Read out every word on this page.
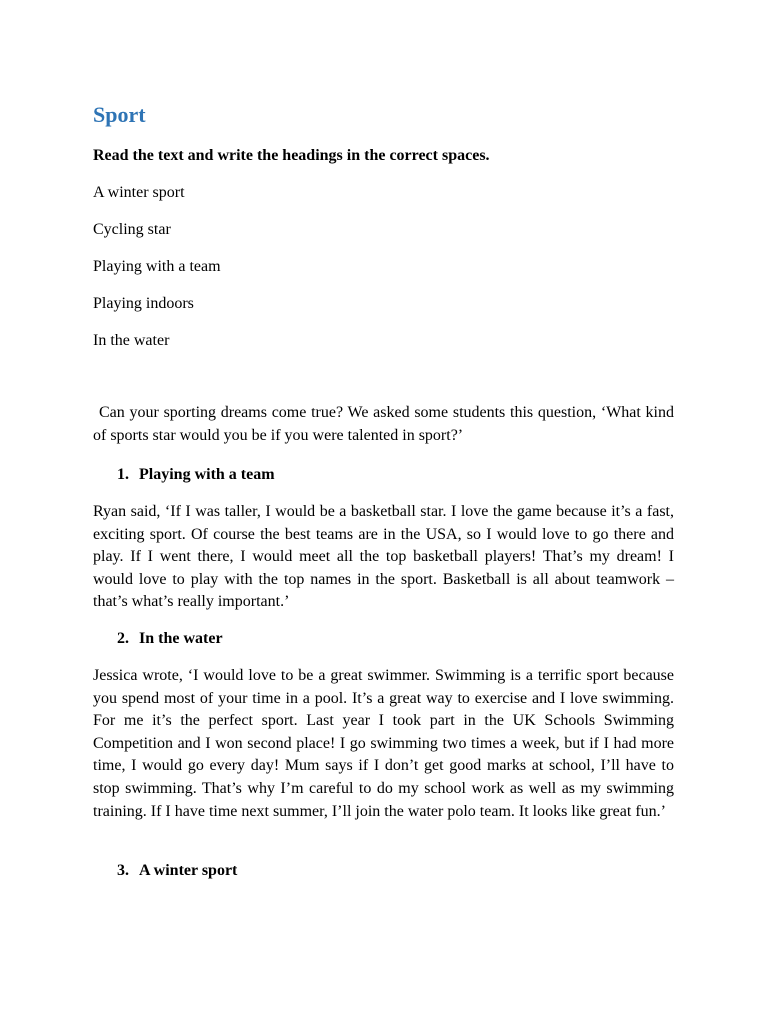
Sport

Read the text and write the headings in the correct spaces.

A winter sport

Cycling star

Playing with a team

Playing indoors

In the water

Can your sporting dreams come true? We asked some students this question, ‘What kind of sports star would you be if you were talented in sport?’

1. Playing with a team

Ryan said, ‘If I was taller, I would be a basketball star. I love the game because it’s a fast, exciting sport. Of course the best teams are in the USA, so I would love to go there and play. If I went there, I would meet all the top basketball players! That’s my dream! I would love to play with the top names in the sport. Basketball is all about teamwork – that’s what’s really important.’

2. In the water

Jessica wrote, ‘I would love to be a great swimmer. Swimming is a terrific sport because you spend most of your time in a pool. It’s a great way to exercise and I love swimming. For me it’s the perfect sport. Last year I took part in the UK Schools Swimming Competition and I won second place! I go swimming two times a week, but if I had more time, I would go every day! Mum says if I don’t get good marks at school, I’ll have to stop swimming. That’s why I’m careful to do my school work as well as my swimming training. If I have time next summer, I’ll join the water polo team. It looks like great fun.’

3. A winter sport
